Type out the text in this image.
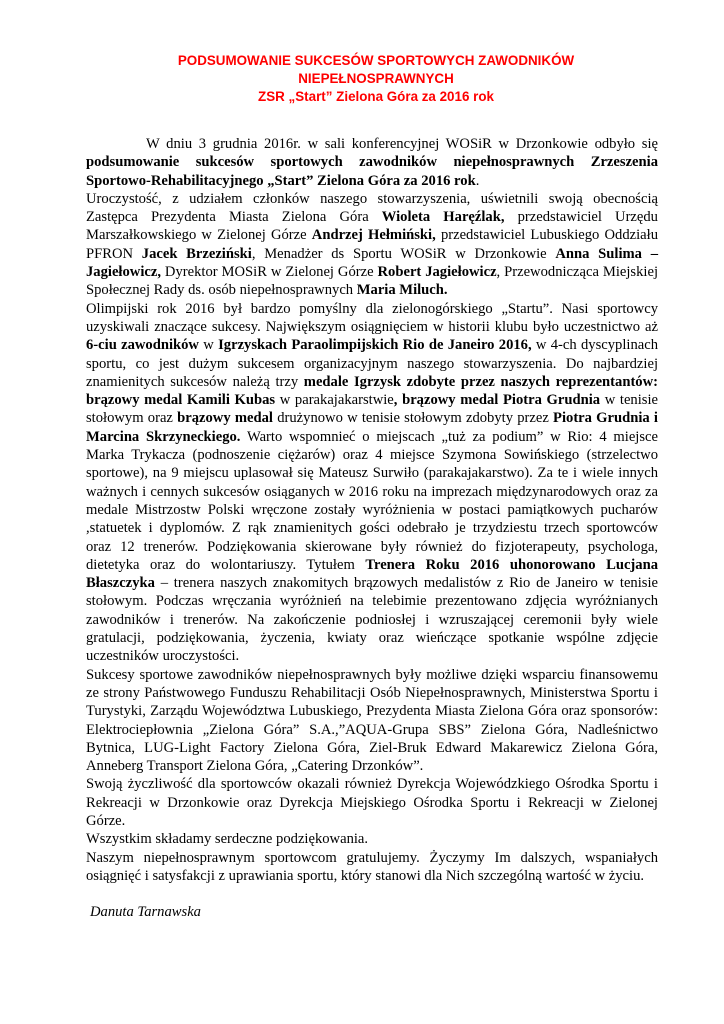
PODSUMOWANIE SUKCESÓW SPORTOWYCH ZAWODNIKÓW
NIEPEŁNOSPRAWNYCH
ZSR „Start” Zielona Góra za 2016 rok
W dniu 3 grudnia 2016r. w sali konferencyjnej WOSiR w Drzonkowie odbyło się
podsumowanie sukcesów sportowych zawodników niepełnosprawnych Zrzeszenia
Sportowo-Rehabilitacyjnego „Start” Zielona Góra za 2016 rok.
Uroczystość, z udziałem członków naszego stowarzyszenia, uświetnili swoją obecnością
Zastępca Prezydenta Miasta Zielona Góra Wioleta Haręźlak, przedstawiciel Urzędu
Marszałkowskiego w Zielonej Górze Andrzej Hełmiński, przedstawiciel Lubuskiego Oddziału
PFRON Jacek Brzeziński, Menadżer ds Sportu WOSiR w Drzonkowie Anna Sulima –
Jagiełowicz, Dyrektor MOSiR w Zielonej Górze Robert Jagiełowicz, Przewodnicząca Miejskiej
Społecznej Rady ds. osób niepełnosprawnych Maria Miluch.
Olimpijski rok 2016 był bardzo pomyślny dla zielonogórskiego „Startu”. Nasi sportowcy
uzyskiwali znaczące sukcesy. Największym osiągnięciem w historii klubu było uczestnictwo aż
6-ciu zawodników w Igrzyskach Paraolimpijskich Rio de Janeiro 2016, w 4-ch dyscyplinach
sportu, co jest dużym sukcesem organizacyjnym naszego stowarzyszenia. Do najbardziej
znamienitych sukcesów należą trzy medale Igrzysk zdobyte przez naszych reprezentantów:
brązowy medal Kamili Kubas w parakajakarstwie, brązowy medal Piotra Grudnia w tenisie
stołowym oraz brązowy medal drużynowo w tenisie stołowym zdobyty przez Piotra Grudnia i
Marcina Skrzyneckiego. Warto wspomnieć o miejscach „tuż za podium” w Rio: 4 miejsce
Marka Trykacza (podnoszenie ciężarów) oraz 4 miejsce Szymona Sowińskiego (strzelectwo
sportowe), na 9 miejscu uplasował się Mateusz Surwiło (parakajakarstwo). Za te i wiele innych
ważnych i cennych sukcesów osiąganych w 2016 roku na imprezach międzynarodowych oraz za
medale Mistrzostw Polski wręczone zostały wyróżnienia w postaci pamiątkowych pucharów
,statuetek i dyplomów. Z rąk znamienitych gości odebrało je trzydziestu trzech sportowców
oraz 12 trenerów. Podziękowania skierowane były również do fizjoterapeuty, psychologa,
dietetyka oraz do wolontariuszy. Tytułem Trenera Roku 2016 uhonorowano Lucjana
Błaszczyka – trenera naszych znakomitych brązowych medalistów z Rio de Janeiro w tenisie
stołowym. Podczas wręczania wyróżnień na telebimie prezentowano zdjęcia wyróżnianych
zawodników i trenerów. Na zakończenie podniosłej i wzruszającej ceremonii były wiele
gratulacji, podziękowania, życzenia, kwiaty oraz wieńczące spotkanie wspólne zdjęcie
uczestników uroczystości.
Sukcesy sportowe zawodników niepełnosprawnych były możliwe dzięki wsparciu finansowemu
ze strony Państwowego Funduszu Rehabilitacji Osób Niepełnosprawnych, Ministerstwa Sportu i
Turystyki, Zarządu Województwa Lubuskiego, Prezydenta Miasta Zielona Góra oraz sponsorów:
Elektrociepłownia „Zielona Góra” S.A.,”AQUA-Grupa SBS” Zielona Góra, Nadleśnictwo
Bytnica, LUG-Light Factory Zielona Góra, Ziel-Bruk Edward Makarewicz Zielona Góra,
Anneberg Transport Zielona Góra, „Catering Drzonków”.
Swoją życzliwość dla sportowców okazali również Dyrekcja Wojewódzkiego Ośrodka Sportu i
Rekreacji w Drzonkowie oraz Dyrekcja Miejskiego Ośrodka Sportu i Rekreacji w Zielonej
Górze.
Wszystkim składamy serdeczne podziękowania.
Naszym niepełnosprawnym sportowcom gratulujemy. Życzymy Im dalszych, wspaniałych
osiągnięć i satysfakcji z uprawiania sportu, który stanowi dla Nich szczególną wartość w życiu.
Danuta Tarnawska
